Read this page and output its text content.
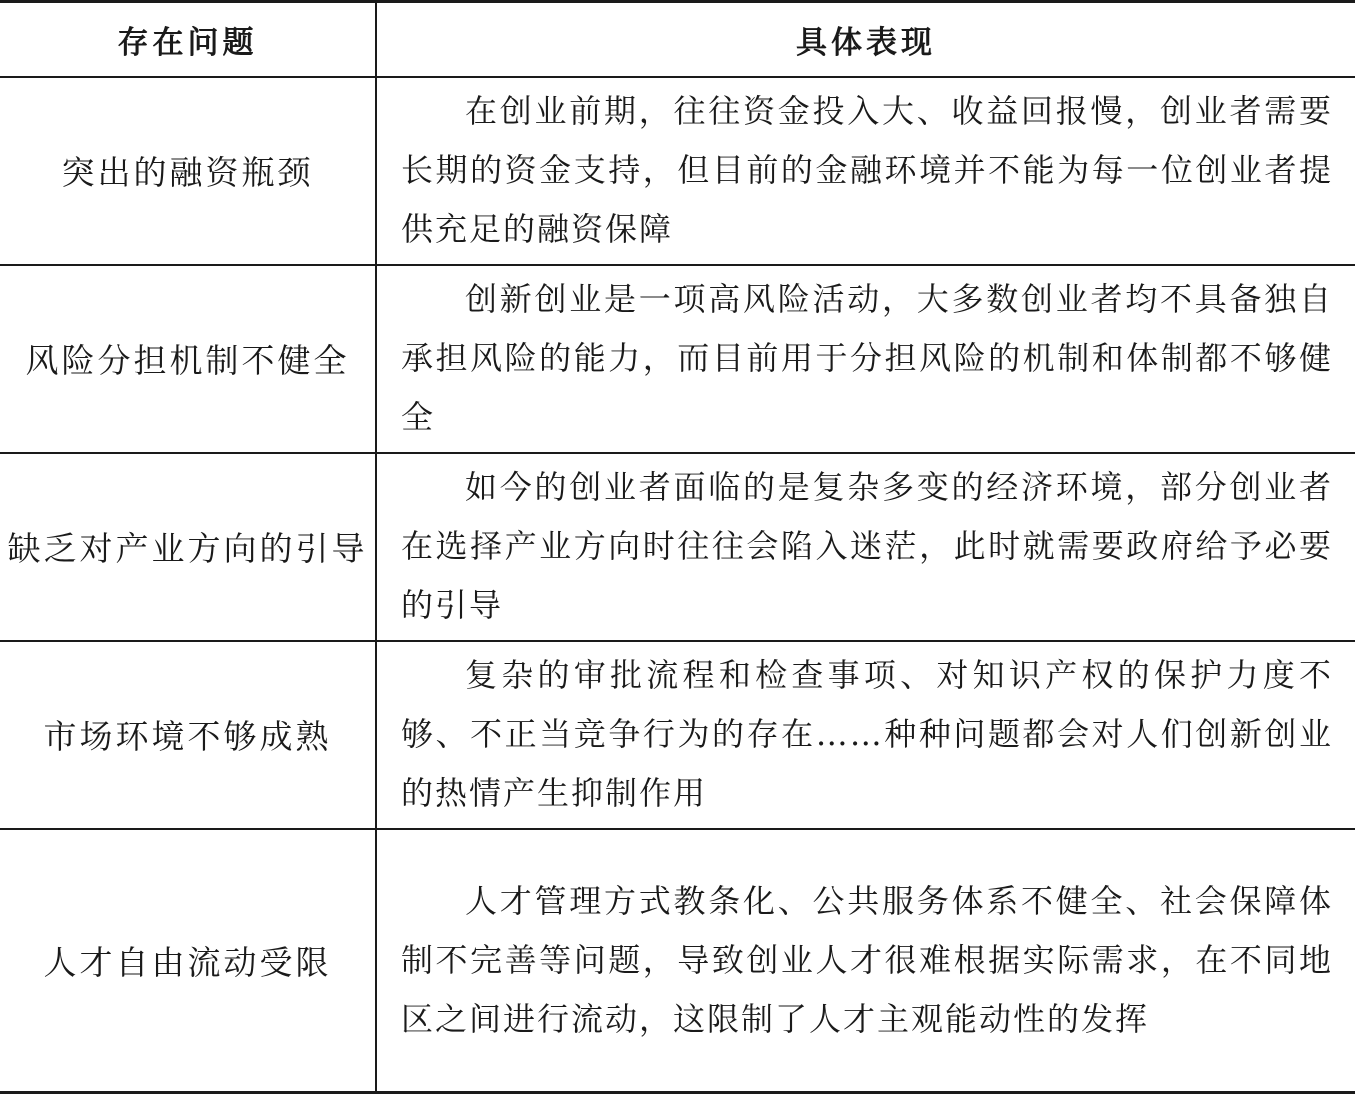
存在问题	具体表现
突出的融资瓶颈	在创业前期，往往资金投入大、收益回报慢，创业者需要长期的资金支持，但目前的金融环境并不能为每一位创业者提供充足的融资保障
风险分担机制不健全	创新创业是一项高风险活动，大多数创业者均不具备独自承担风险的能力，而目前用于分担风险的机制和体制都不够健全
缺乏对产业方向的引导	如今的创业者面临的是复杂多变的经济环境，部分创业者在选择产业方向时往往会陷入迷茫，此时就需要政府给予必要的引导
市场环境不够成熟	复杂的审批流程和检查事项、对知识产权的保护力度不够、不正当竞争行为的存在……种种问题都会对人们创新创业的热情产生抑制作用
人才自由流动受限	人才管理方式教条化、公共服务体系不健全、社会保障体制不完善等问题，导致创业人才很难根据实际需求，在不同地区之间进行流动，这限制了人才主观能动性的发挥
